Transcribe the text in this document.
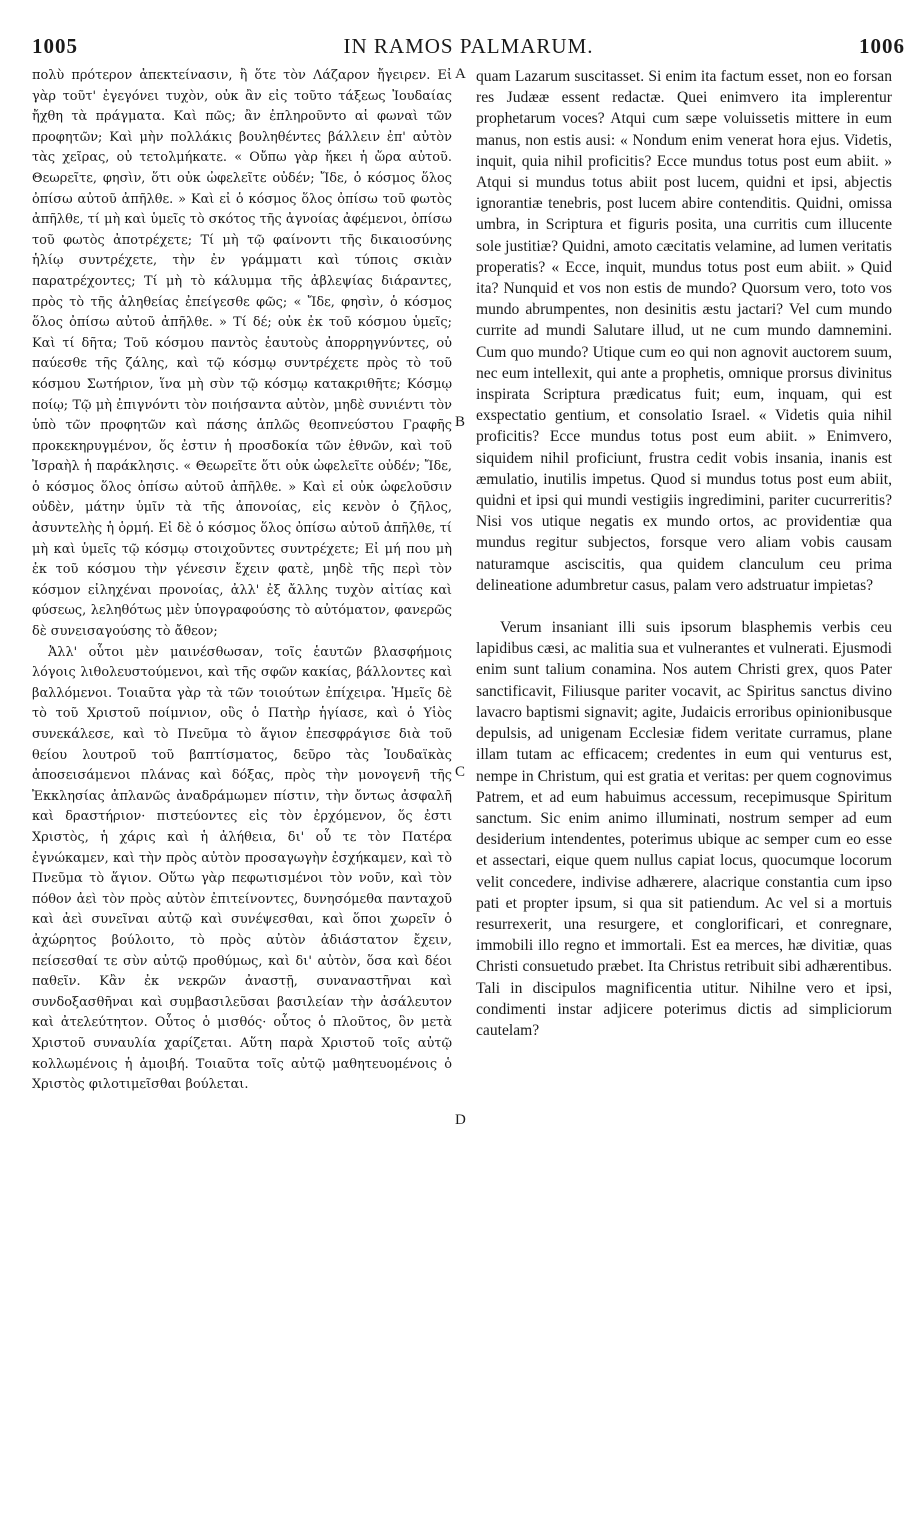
1005	IN RAMOS PALMARUM.	1006

πολὺ πρότερον ἀπεκτείνασιν, ἢ ὅτε τὸν Λάζαρον ἤγειρεν. Εἰ γὰρ τοῦτ' ἐγεγόνει τυχὸν, οὐκ ἂν εἰς τοῦτο τάξεως Ἰουδαίας ἤχθη τὰ πράγματα. Καὶ πῶς; ἂν ἐπληροῦντο αἱ φωναὶ τῶν προφητῶν; Καὶ μὴν πολλάκις βουληθέντες βάλλειν ἐπ' αὐτὸν τὰς χεῖρας, οὐ τετολμήκατε. « Οὔπω γὰρ ἥκει ἡ ὥρα αὐτοῦ. Θεωρεῖτε, φησὶν, ὅτι οὐκ ὠφελεῖτε οὐδέν; Ἴδε, ὁ κόσμος ὅλος ὀπίσω αὐτοῦ ἀπῆλθε. » Καὶ εἰ ὁ κόσμος ὅλος ὀπίσω τοῦ φωτὸς ἀπῆλθε, τί μὴ καὶ ὑμεῖς τὸ σκότος τῆς ἀγνοίας ἀφέμενοι, ὀπίσω τοῦ φωτὸς ἀποτρέχετε; Τί μὴ τῷ φαίνοντι τῆς δικαιοσύνης ἡλίῳ συντρέχετε, τὴν ἐν γράμματι καὶ τύποις σκιὰν παρατρέχοντες; Τί μὴ τὸ κάλυμμα τῆς ἀβλεψίας διάραντες, πρὸς τὸ τῆς ἀληθείας ἐπείγεσθε φῶς; « Ἴδε, φησὶν, ὁ κόσμος ὅλος ὀπίσω αὐτοῦ ἀπῆλθε. » Τί δέ; οὐκ ἐκ τοῦ κόσμου ὑμεῖς; Καὶ τί δῆτα; Τοῦ κόσμου παντὸς ἑαυτοὺς ἀπορρηγνύντες, οὐ παύεσθε τῆς ζάλης, καὶ τῷ κόσμῳ συντρέχετε πρὸς τὸ τοῦ κόσμου Σωτήριον, ἵνα μὴ σὺν τῷ κόσμῳ κατακριθῆτε; Κόσμῳ ποίῳ; Τῷ μὴ ἐπιγνόντι τὸν ποιήσαντα αὐτὸν, μηδὲ συνιέντι τὸν ὑπὸ τῶν προφητῶν καὶ πάσης ἁπλῶς θεοπνεύστου Γραφῆς προκεκηρυγμένον, ὅς ἐστιν ἡ προσδοκία τῶν ἐθνῶν, καὶ τοῦ Ἰσραὴλ ἡ παράκλησις. « Θεωρεῖτε ὅτι οὐκ ὠφελεῖτε οὐδέν; Ἴδε, ὁ κόσμος ὅλος ὀπίσω αὐτοῦ ἀπῆλθε. » Καὶ εἰ οὐκ ὠφελοῦσιν οὐδὲν, μάτην ὑμῖν τὰ τῆς ἀπονοίας, εἰς κενὸν ὁ ζῆλος, ἀσυντελὴς ἡ ὁρμή. Εἰ δὲ ὁ κόσμος ὅλος ὀπίσω αὐτοῦ ἀπῆλθε, τί μὴ καὶ ὑμεῖς τῷ κόσμῳ στοιχοῦντες συντρέχετε; Εἰ μή που μὴ ἐκ τοῦ κόσμου τὴν γένεσιν ἔχειν φατὲ, μηδὲ τῆς περὶ τὸν κόσμον εἰληχέναι προνοίας, ἀλλ' ἐξ ἄλλης τυχὸν αἰτίας καὶ φύσεως, λεληθότως μὲν ὑπογραφούσης τὸ αὐτόματον, φανερῶς δὲ συνεισαγούσης τὸ ἄθεον;

Ἀλλ' οὗτοι μὲν μαινέσθωσαν, τοῖς ἑαυτῶν βλασφήμοις λόγοις λιθολευστούμενοι, καὶ τῆς σφῶν κακίας, βάλλοντες καὶ βαλλόμενοι. Τοιαῦτα γὰρ τὰ τῶν τοιούτων ἐπίχειρα. Ἡμεῖς δὲ τὸ τοῦ Χριστοῦ ποίμνιον, οὓς ὁ Πατὴρ ἡγίασε, καὶ ὁ Υἱὸς συνεκάλεσε, καὶ τὸ Πνεῦμα τὸ ἅγιον ἐπεσφράγισε διὰ τοῦ θείου λουτροῦ τοῦ βαπτίσματος, δεῦρο τὰς Ἰουδαϊκὰς ἀποσεισάμενοι πλάνας καὶ δόξας, πρὸς τὴν μονογενῆ τῆς Ἐκκλησίας ἀπλανῶς ἀναδράμωμεν πίστιν, τὴν ὄντως ἀσφαλῆ καὶ δραστήριον· πιστεύοντες εἰς τὸν ἐρχόμενον, ὅς ἐστι Χριστὸς, ἡ χάρις καὶ ἡ ἀλήθεια, δι' οὗ τε τὸν Πατέρα ἐγνώκαμεν, καὶ τὴν πρὸς αὐτὸν προσαγωγὴν ἐσχήκαμεν, καὶ τὸ Πνεῦμα τὸ ἅγιον. Οὕτω γὰρ πεφωτισμένοι τὸν νοῦν, καὶ τὸν πόθον ἀεὶ τὸν πρὸς αὐτὸν ἐπιτείνοντες, δυνησόμεθα πανταχοῦ καὶ ἀεὶ συνεῖναι αὐτῷ καὶ συνέψεσθαι, καὶ ὅποι χωρεῖν ὁ ἀχώρητος βούλοιτο, τὸ πρὸς αὐτὸν ἀδιάστατον ἔχειν, πείσεσθαί τε σὺν αὐτῷ προθύμως, καὶ δι' αὐτὸν, ὅσα καὶ δέοι παθεῖν. Κἂν ἐκ νεκρῶν ἀναστῇ, συναναστῆναι καὶ συνδοξασθῆναι καὶ συμβασιλεῦσαι βασιλείαν τὴν ἀσάλευτον καὶ ἀτελεύτητον. Οὗτος ὁ μισθός· οὗτος ὁ πλοῦτος, ὃν μετὰ Χριστοῦ συναυλία χαρίζεται. Αὕτη παρὰ Χριστοῦ τοῖς αὐτῷ κολλωμένοις ἡ ἀμοιβή. Τοιαῦτα τοῖς αὐτῷ μαθητευομένοις ὁ Χριστὸς φιλοτιμεῖσθαι βούλεται.

A
B
C
D

quam Lazarum suscitasset. Si enim ita factum esset, non eo forsan res Judææ essent redactæ. Quei enimvero ita implerentur prophetarum voces? Atqui cum sæpe voluissetis mittere in eum manus, non estis ausi: « Nondum enim venerat hora ejus. Videtis, inquit, quia nihil proficitis? Ecce mundus totus post eum abiit. » Atqui si mundus totus abiit post lucem, quidni et ipsi, abjectis ignorantiæ tenebris, post lucem abire contenditis. Quidni, omissa umbra, in Scriptura et figuris posita, una curritis cum illucente sole justitiæ? Quidni, amoto cæcitatis velamine, ad lumen veritatis properatis? « Ecce, inquit, mundus totus post eum abiit. » Quid ita? Nunquid et vos non estis de mundo? Quorsum vero, toto vos mundo abrumpentes, non desinitis æstu jactari? Vel cum mundo currite ad mundi Salutare illud, ut ne cum mundo damnemini. Cum quo mundo? Utique cum eo qui non agnovit auctorem suum, nec eum intellexit, qui ante a prophetis, omnique prorsus divinitus inspirata Scriptura prædicatus fuit; eum, inquam, qui est exspectatio gentium, et consolatio Israel. « Videtis quia nihil proficitis? Ecce mundus totus post eum abiit. » Enimvero, siquidem nihil proficiunt, frustra cedit vobis insania, inanis est æmulatio, inutilis impetus. Quod si mundus totus post eum abiit, quidni et ipsi qui mundi vestigiis ingredimini, pariter cucurreritis? Nisi vos utique negatis ex mundo ortos, ac providentiæ qua mundus regitur subjectos, forsque vero aliam vobis causam naturamque asciscitis, qua quidem clanculum ceu prima delineatione adumbretur casus, palam vero adstruatur impietas?

Verum insaniant illi suis ipsorum blasphemis verbis ceu lapidibus cæsi, ac malitia sua et vulnerantes et vulnerati. Ejusmodi enim sunt talium conamina. Nos autem Christi grex, quos Pater sanctificavit, Filiusque pariter vocavit, ac Spiritus sanctus divino lavacro baptismi signavit; agite, Judaicis erroribus opinionibusque depulsis, ad unigenam Ecclesiæ fidem veritate curramus, plane illam tutam ac efficacem; credentes in eum qui venturus est, nempe in Christum, qui est gratia et veritas: per quem cognovimus Patrem, et ad eum habuimus accessum, recepimusque Spiritum sanctum. Sic enim animo illuminati, nostrum semper ad eum desiderium intendentes, poterimus ubique ac semper cum eo esse et assectari, eique quem nullus capiat locus, quocumque locorum velit concedere, indivise adhærere, alacrique constantia cum ipso pati et propter ipsum, si qua sit patiendum. Ac vel si a mortuis resurrexerit, una resurgere, et conglorificari, et conregnare, immobili illo regno et immortali. Est ea merces, hæ divitiæ, quas Christi consuetudo præbet. Ita Christus retribuit sibi adhærentibus. Tali in discipulos magnificentia utitur. Nihilne vero et ipsi, condimenti instar adjicere poterimus dictis ad simpliciorum cautelam?
